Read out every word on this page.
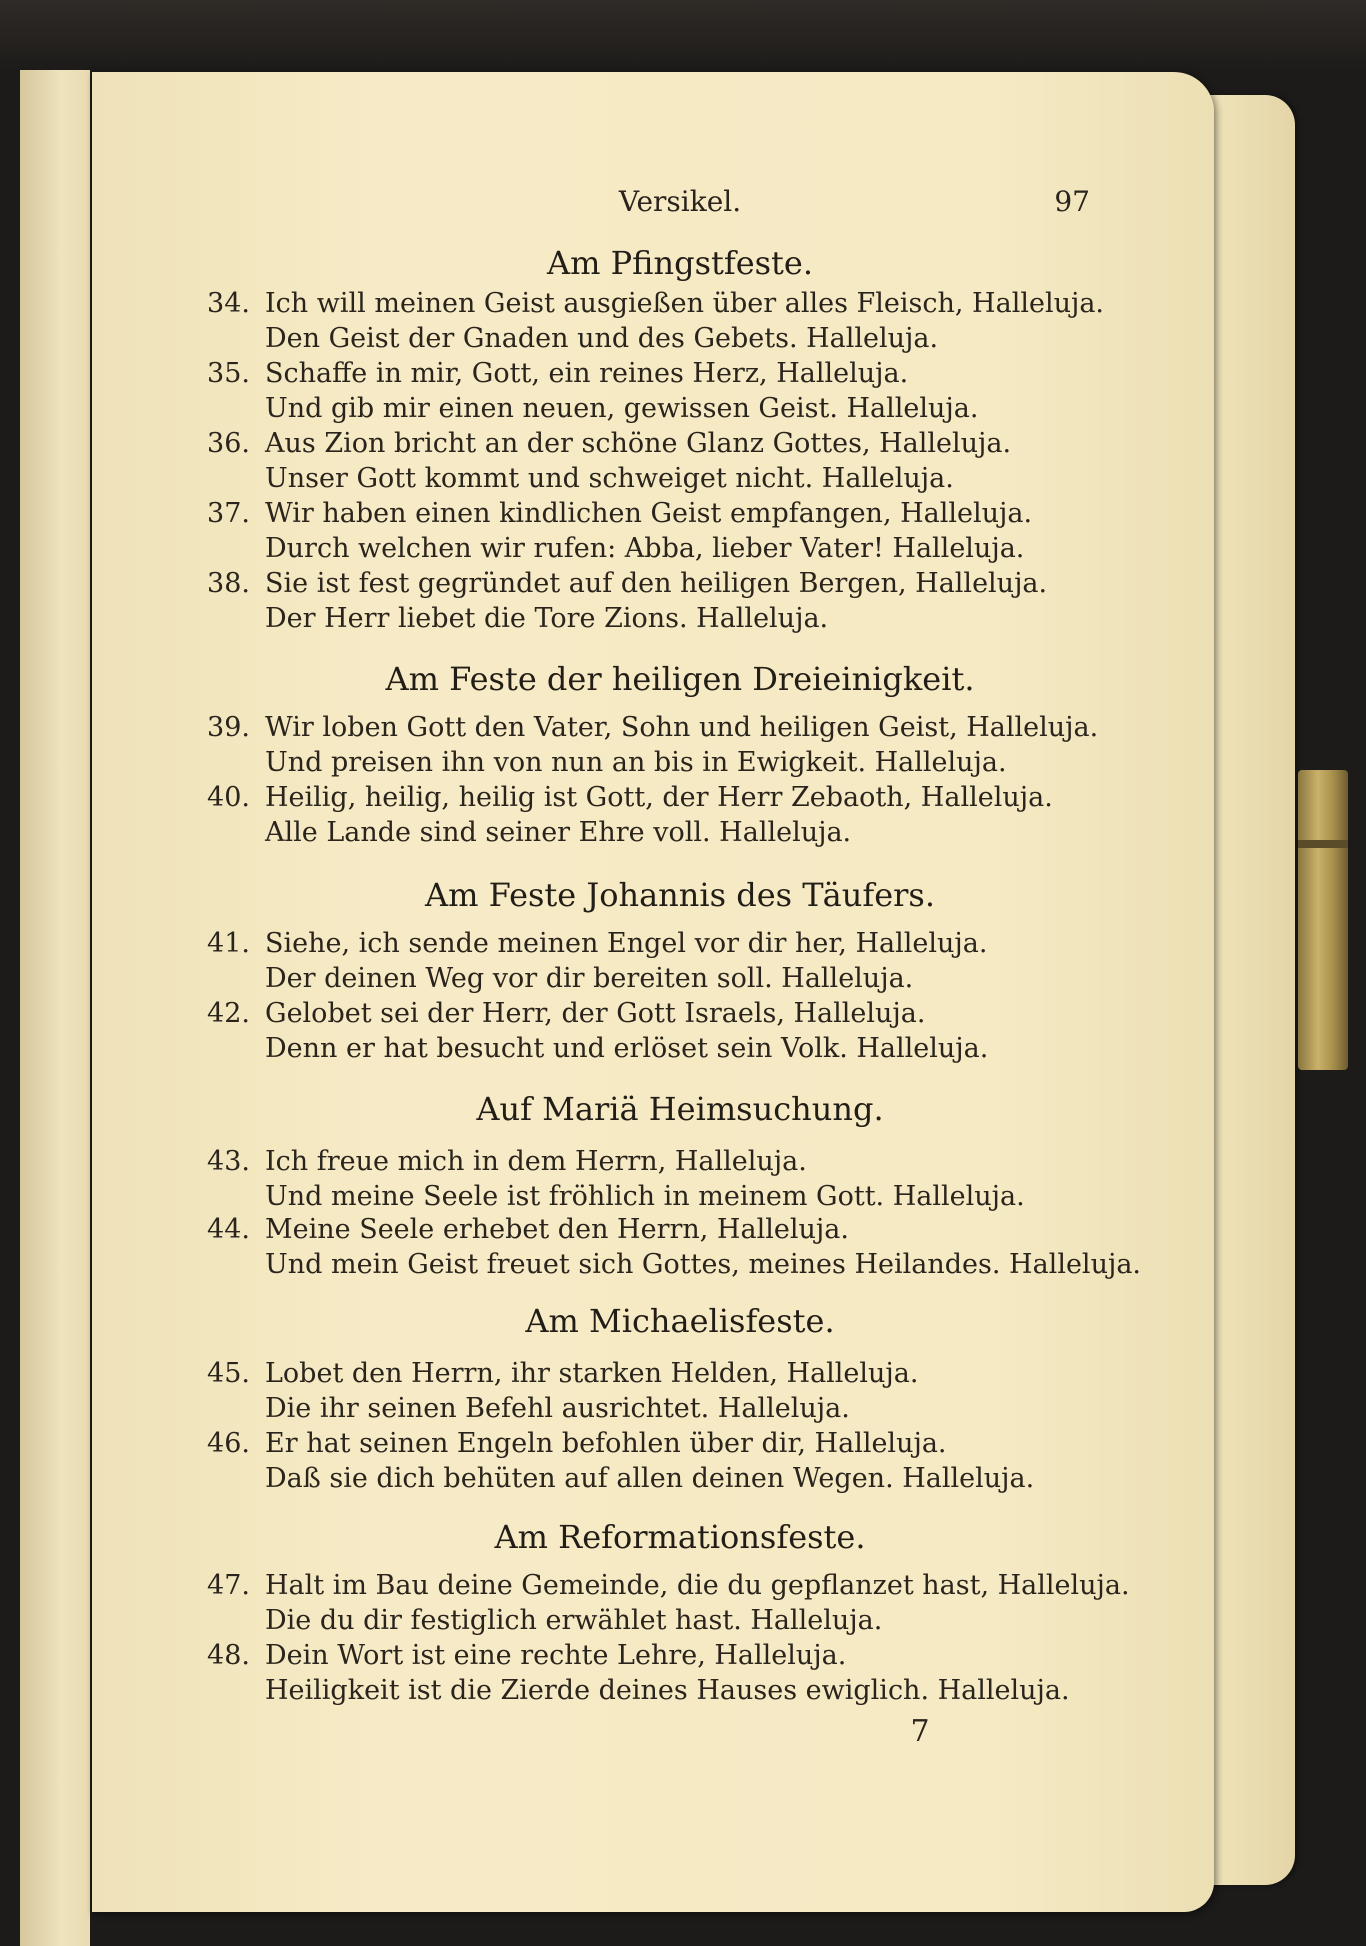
Versikel.	97
Am Pfingstfeste.
34. Ich will meinen Geist ausgießen über alles Fleisch, Halleluja.
Den Geist der Gnaden und des Gebets. Halleluja.
35. Schaffe in mir, Gott, ein reines Herz, Halleluja.
Und gib mir einen neuen, gewissen Geist. Halleluja.
36. Aus Zion bricht an der schöne Glanz Gottes, Halleluja.
Unser Gott kommt und schweiget nicht. Halleluja.
37. Wir haben einen kindlichen Geist empfangen, Halleluja.
Durch welchen wir rufen: Abba, lieber Vater! Halleluja.
38. Sie ist fest gegründet auf den heiligen Bergen, Halleluja.
Der Herr liebet die Tore Zions. Halleluja.
Am Feste der heiligen Dreieinigkeit.
39. Wir loben Gott den Vater, Sohn und heiligen Geist, Halleluja.
Und preisen ihn von nun an bis in Ewigkeit. Halleluja.
40. Heilig, heilig, heilig ist Gott, der Herr Zebaoth, Halleluja.
Alle Lande sind seiner Ehre voll. Halleluja.
Am Feste Johannis des Täufers.
41. Siehe, ich sende meinen Engel vor dir her, Halleluja.
Der deinen Weg vor dir bereiten soll. Halleluja.
42. Gelobet sei der Herr, der Gott Israels, Halleluja.
Denn er hat besucht und erlöset sein Volk. Halleluja.
Auf Mariä Heimsuchung.
43. Ich freue mich in dem Herrn, Halleluja.
Und meine Seele ist fröhlich in meinem Gott. Halleluja.
44. Meine Seele erhebet den Herrn, Halleluja.
Und mein Geist freuet sich Gottes, meines Heilandes. Halleluja.
Am Michaelisfeste.
45. Lobet den Herrn, ihr starken Helden, Halleluja.
Die ihr seinen Befehl ausrichtet. Halleluja.
46. Er hat seinen Engeln befohlen über dir, Halleluja.
Daß sie dich behüten auf allen deinen Wegen. Halleluja.
Am Reformationsfeste.
47. Halt im Bau deine Gemeinde, die du gepflanzet hast, Halleluja.
Die du dir festiglich erwählet hast. Halleluja.
48. Dein Wort ist eine rechte Lehre, Halleluja.
Heiligkeit ist die Zierde deines Hauses ewiglich. Halleluja.
7
